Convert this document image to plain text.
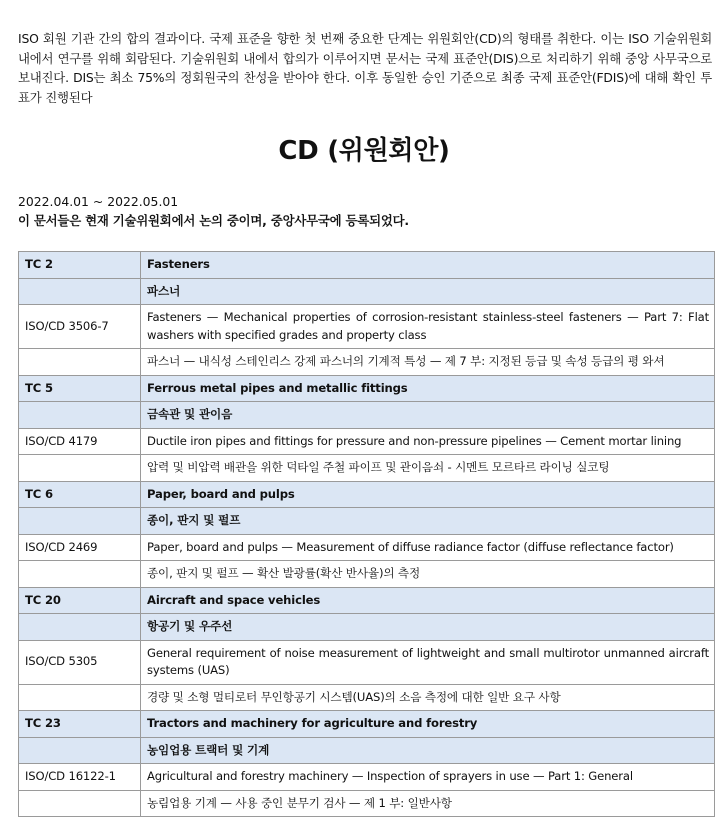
ISO 회원 기관 간의 합의 결과이다. 국제 표준을 향한 첫 번째 중요한 단계는 위원회안(CD)의 형태를 취한다. 이는 ISO 기술위원회 내에서 연구를 위해 회람된다. 기술위원회 내에서 합의가 이루어지면 문서는 국제 표준안(DIS)으로 처리하기 위해 중앙 사무국으로 보내진다. DIS는 최소 75%의 정회원국의 찬성을 받아야 한다. 이후 동일한 승인 기준으로 최종 국제 표준안(FDIS)에 대해 확인 투표가 진행된다

CD (위원회안)

2022.04.01 ~ 2022.05.01

이 문서들은 현재 기술위원회에서 논의 중이며, 중앙사무국에 등록되었다.

TC 2	Fasteners
	파스너
ISO/CD 3506-7	Fasteners — Mechanical properties of corrosion-resistant stainless-steel fasteners — Part 7: Flat washers with specified grades and property class
	파스너 — 내식성 스테인리스 강제 파스너의 기계적 특성 — 제 7 부: 지정된 등급 및 속성 등급의 평 와셔
TC 5	Ferrous metal pipes and metallic fittings
	금속관 및 관이음
ISO/CD 4179	Ductile iron pipes and fittings for pressure and non-pressure pipelines — Cement mortar lining
	압력 및 비압력 배관을 위한 덕타일 주철 파이프 및 관이음쇠 - 시멘트 모르타르 라이닝 실코팅
TC 6	Paper, board and pulps
	종이, 판지 및 펄프
ISO/CD 2469	Paper, board and pulps — Measurement of diffuse radiance factor (diffuse reflectance factor)
	종이, 판지 및 펄프 — 확산 발광률(확산 반사율)의 측정
TC 20	Aircraft and space vehicles
	항공기 및 우주선
ISO/CD 5305	General requirement of noise measurement of lightweight and small multirotor unmanned aircraft systems (UAS)
	경량 및 소형 멀티로터 무인항공기 시스템(UAS)의 소음 측정에 대한 일반 요구 사항
TC 23	Tractors and machinery for agriculture and forestry
	농임업용 트랙터 및 기계
ISO/CD 16122-1	Agricultural and forestry machinery — Inspection of sprayers in use — Part 1: General
	농림업용 기계 — 사용 중인 분무기 검사 — 제 1 부: 일반사항
